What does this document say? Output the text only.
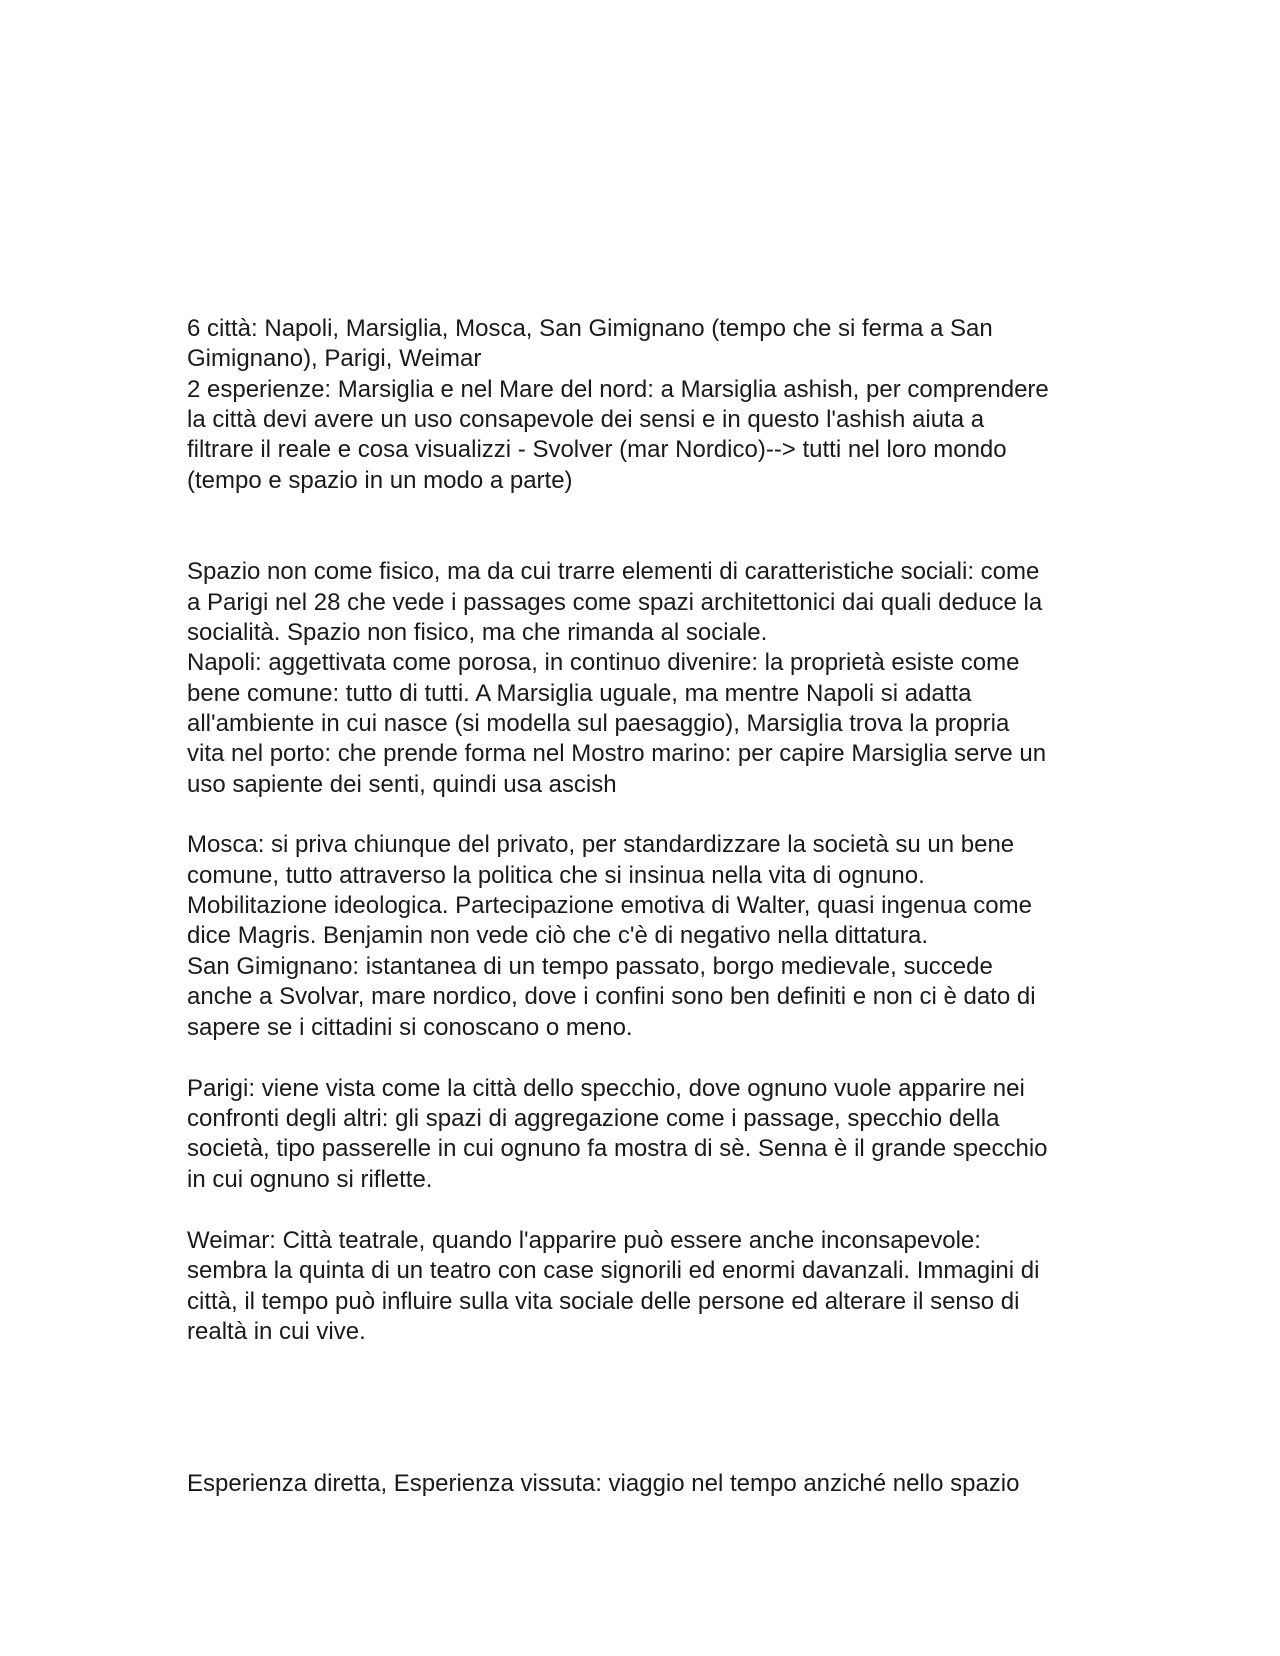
6 città: Napoli, Marsiglia, Mosca, San Gimignano (tempo che si ferma a San
Gimignano), Parigi, Weimar
2 esperienze: Marsiglia e nel Mare del nord: a Marsiglia ashish, per comprendere
la città devi avere un uso consapevole dei sensi e in questo l'ashish aiuta a
filtrare il reale e cosa visualizzi - Svolver (mar Nordico)--> tutti nel loro mondo
(tempo e spazio in un modo a parte)
Spazio non come fisico, ma da cui trarre elementi di caratteristiche sociali: come
a Parigi nel 28 che vede i passages come spazi architettonici dai quali deduce la
socialità. Spazio non fisico, ma che rimanda al sociale.
Napoli: aggettivata come porosa, in continuo divenire: la proprietà esiste come
bene comune: tutto di tutti. A Marsiglia uguale, ma mentre Napoli si adatta
all'ambiente in cui nasce (si modella sul paesaggio), Marsiglia trova la propria
vita nel porto: che prende forma nel Mostro marino: per capire Marsiglia serve un
uso sapiente dei senti, quindi usa ascish
Mosca: si priva chiunque del privato, per standardizzare la società su un bene
comune, tutto attraverso la politica che si insinua nella vita di ognuno.
Mobilitazione ideologica. Partecipazione emotiva di Walter, quasi ingenua come
dice Magris. Benjamin non vede ciò che c'è di negativo nella dittatura.
San Gimignano: istantanea di un tempo passato, borgo medievale, succede
anche a Svolvar, mare nordico, dove i confini sono ben definiti e non ci è dato di
sapere se i cittadini si conoscano o meno.
Parigi: viene vista come la città dello specchio, dove ognuno vuole apparire nei
confronti degli altri: gli spazi di aggregazione come i passage, specchio della
società, tipo passerelle in cui ognuno fa mostra di sè. Senna è il grande specchio
in cui ognuno si riflette.
Weimar: Città teatrale, quando l'apparire può essere anche inconsapevole:
sembra la quinta di un teatro con case signorili ed enormi davanzali. Immagini di
città, il tempo può influire sulla vita sociale delle persone ed alterare il senso di
realtà in cui vive.
Esperienza diretta, Esperienza vissuta: viaggio nel tempo anziché nello spazio
